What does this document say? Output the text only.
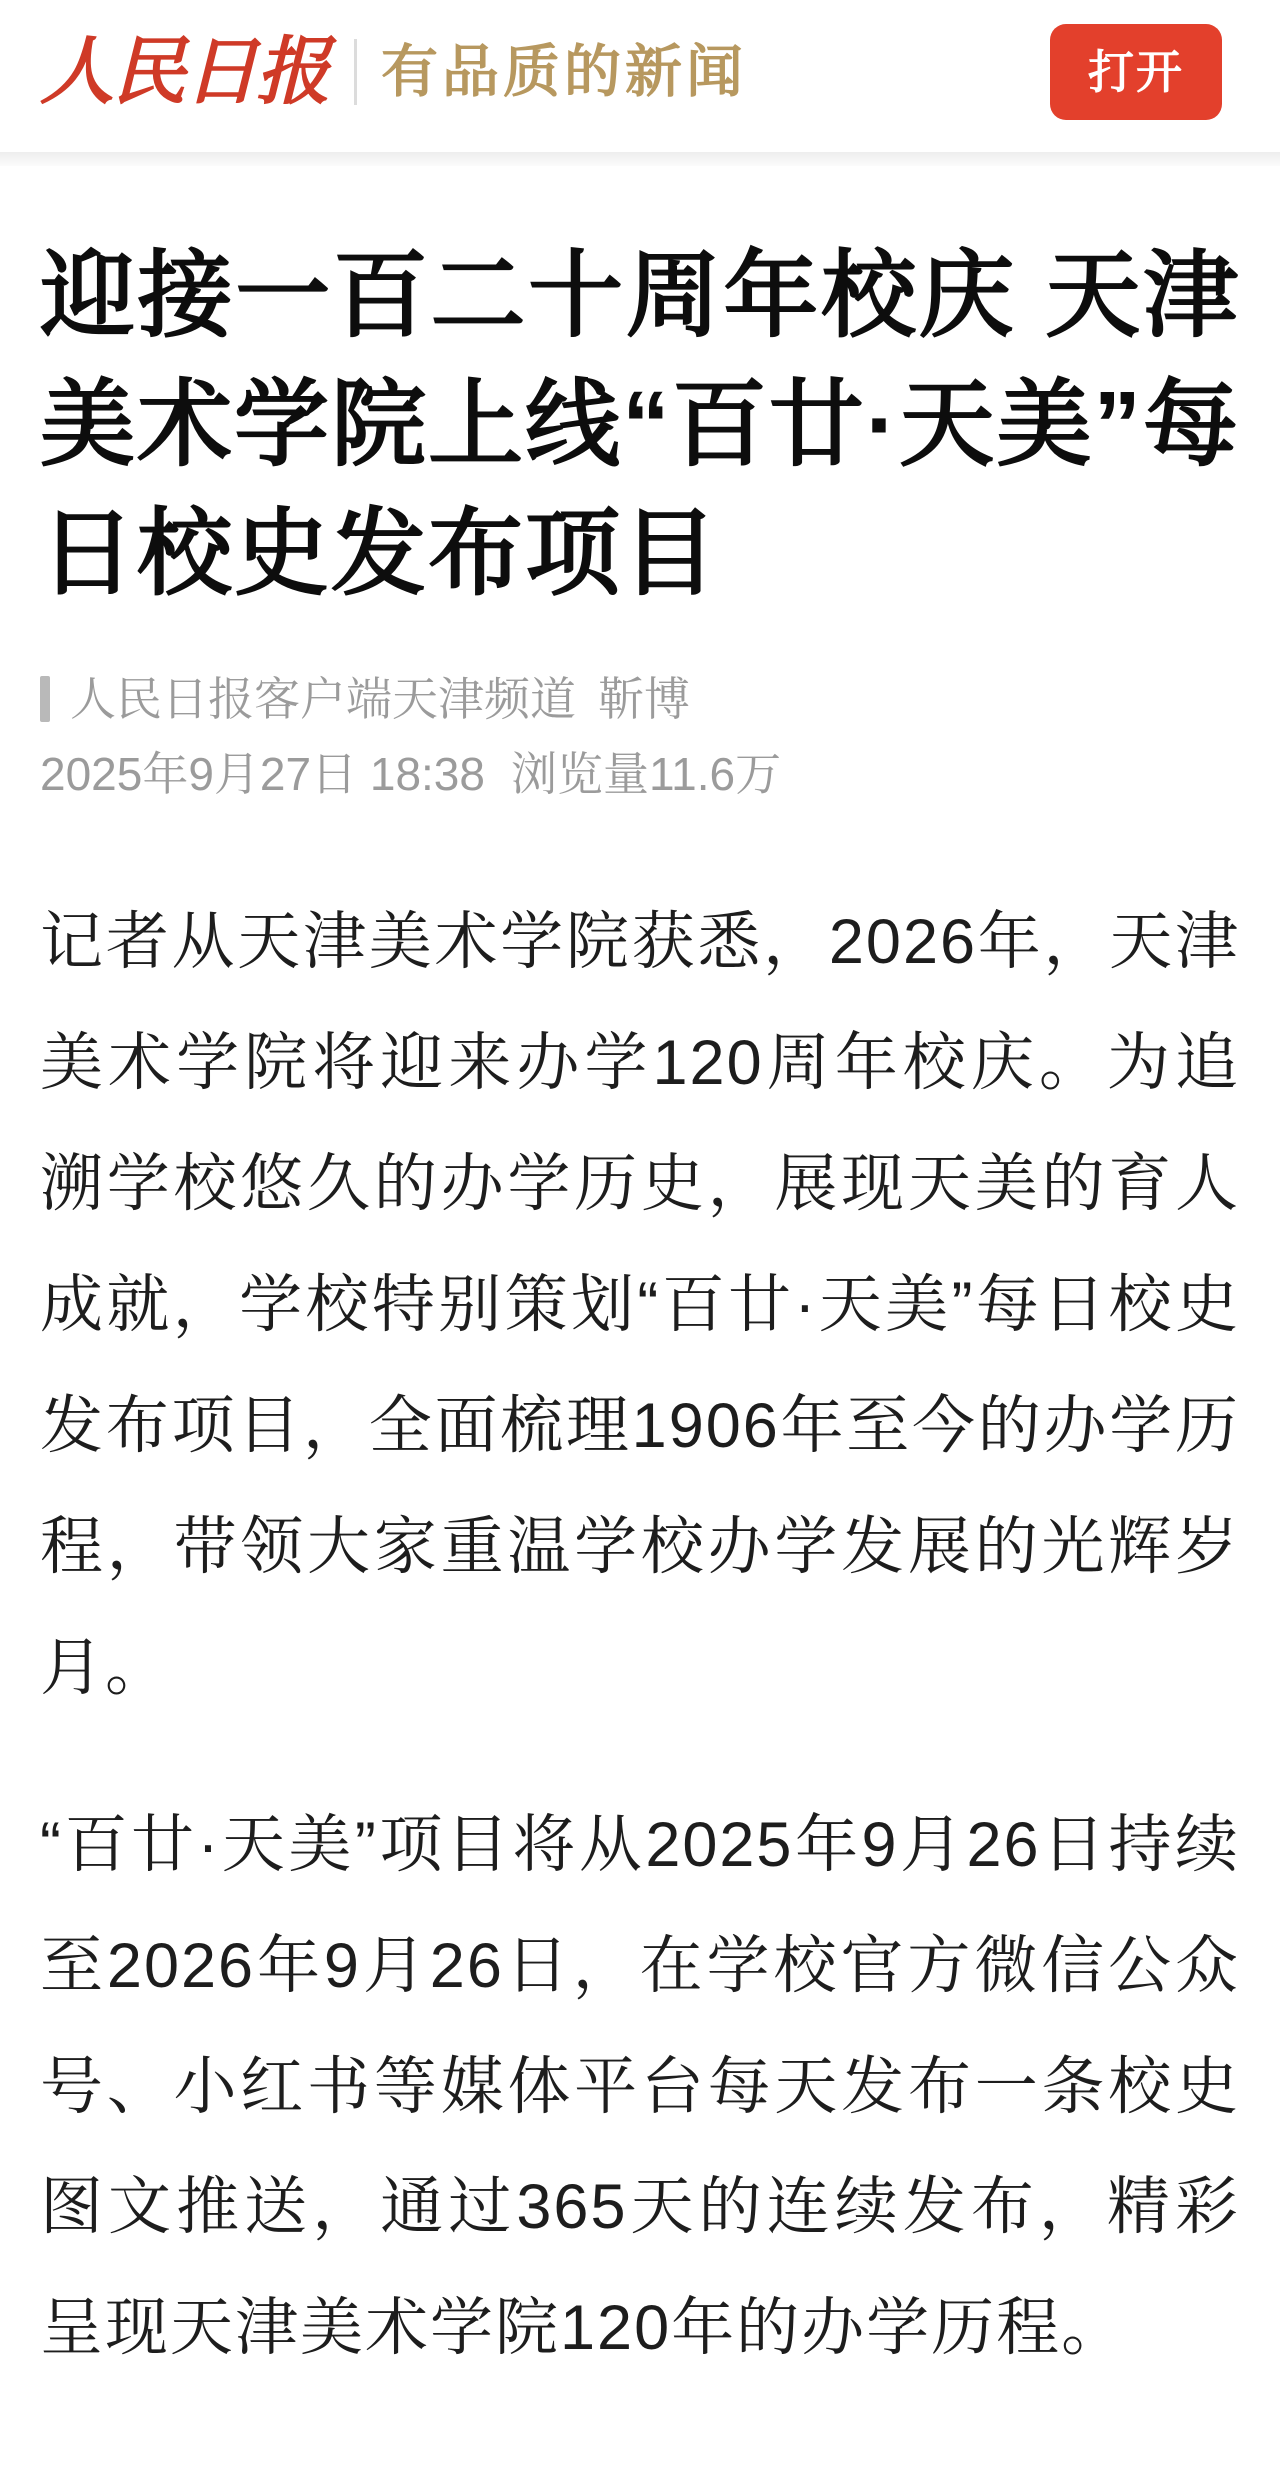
人民日报 有品质的新闻	打开
迎接一百二十周年校庆 天津美术学院上线“百廿·天美”每日校史发布项目
人民日报客户端天津频道 靳博
2025年9月27日 18:38 浏览量11.6万

记者从天津美术学院获悉，2026年，天津美术学院将迎来办学120周年校庆。为追溯学校悠久的办学历史，展现天美的育人成就，学校特别策划“百廿·天美”每日校史发布项目，全面梳理1906年至今的办学历程，带领大家重温学校办学发展的光辉岁月。

“百廿·天美”项目将从2025年9月26日持续至2026年9月26日，在学校官方微信公众号、小红书等媒体平台每天发布一条校史图文推送，通过365天的连续发布，精彩呈现天津美术学院120年的办学历程。
